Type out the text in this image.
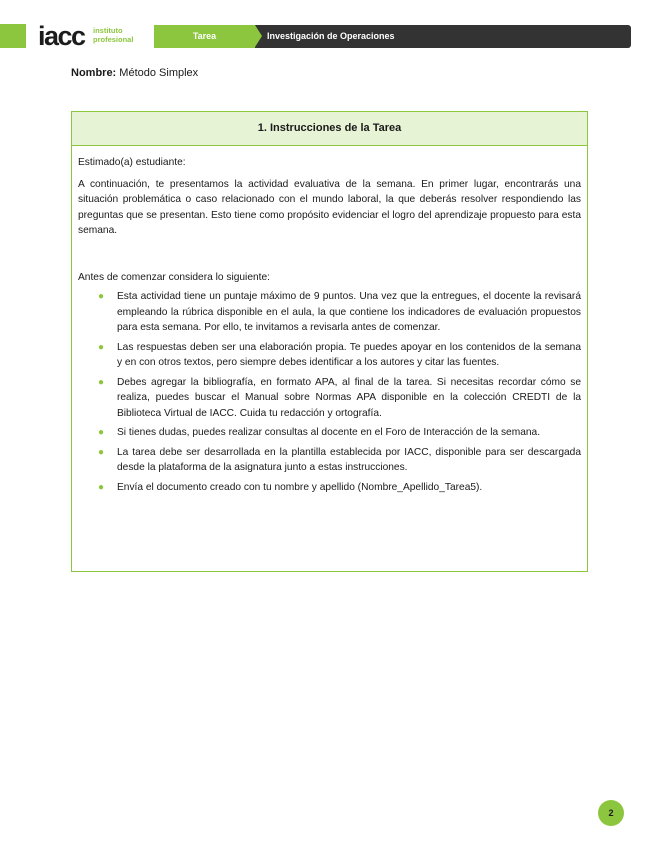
iacc instituto
profesional	Tarea	Investigación de Operaciones
Nombre: Método Simplex
1. Instrucciones de la Tarea

Estimado(a) estudiante:

A continuación, te presentamos la actividad evaluativa de la semana. En primer lugar, encontrarás una situación problemática o caso relacionado con el mundo laboral, la que deberás resolver respondiendo las preguntas que se presentan. Esto tiene como propósito evidenciar el logro del aprendizaje propuesto para esta semana.

Antes de comenzar considera lo siguiente:

● Esta actividad tiene un puntaje máximo de 9 puntos. Una vez que la entregues, el docente la revisará empleando la rúbrica disponible en el aula, la que contiene los indicadores de evaluación propuestos para esta semana. Por ello, te invitamos a revisarla antes de comenzar.
● Las respuestas deben ser una elaboración propia. Te puedes apoyar en los contenidos de la semana y en con otros textos, pero siempre debes identificar a los autores y citar las fuentes.
● Debes agregar la bibliografía, en formato APA, al final de la tarea. Si necesitas recordar cómo se realiza, puedes buscar el Manual sobre Normas APA disponible en la colección CREDTI de la Biblioteca Virtual de IACC. Cuida tu redacción y ortografía.
● Si tienes dudas, puedes realizar consultas al docente en el Foro de Interacción de la semana.
● La tarea debe ser desarrollada en la plantilla establecida por IACC, disponible para ser descargada desde la plataforma de la asignatura junto a estas instrucciones.
● Envía el documento creado con tu nombre y apellido (Nombre_Apellido_Tarea5).
2
